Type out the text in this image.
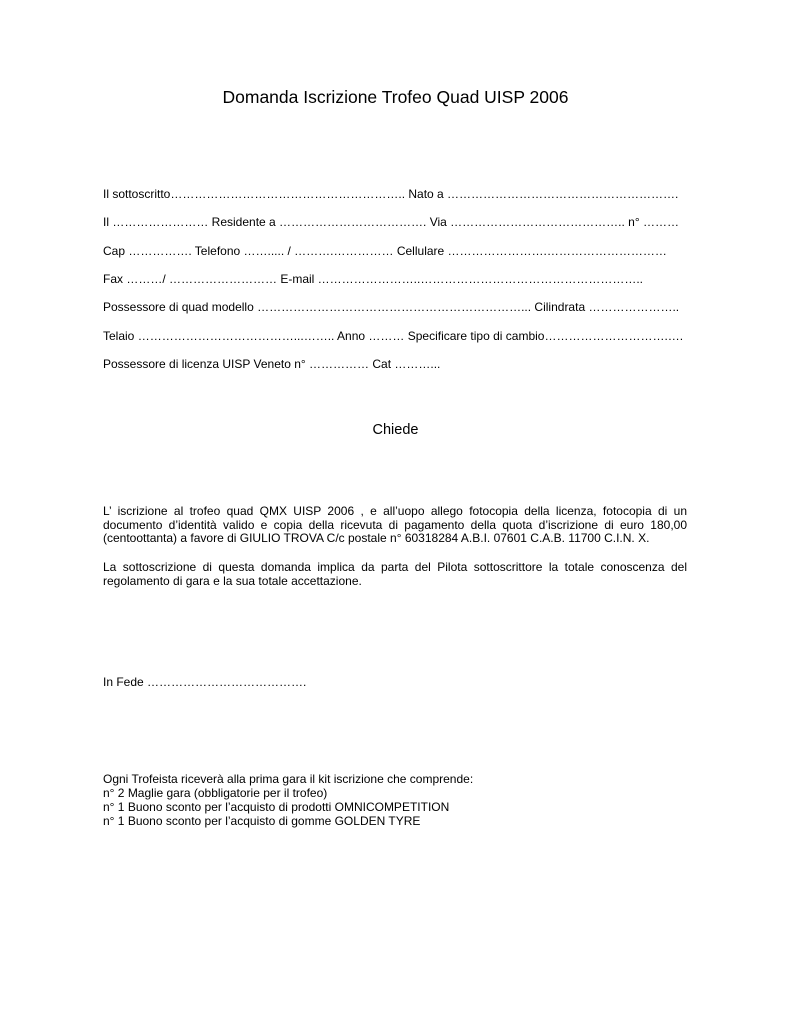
Domanda Iscrizione Trofeo Quad UISP 2006
Il sottoscritto………………………………………………….. Nato a ………………………………………………….
Il …………………… Residente a ………………………………. Via …………………………………….. n° ………
Cap ……………. Telefono ……..... / ……….…………… Cellulare …………………….…………………………
Fax ………/ ……………………… E-mail ……………………..………………………………………………..
Possessore di quad modello …………………………………………………………... Cilindrata …………………..
Telaio …………………………………...…….. Anno ……… Specificare tipo di cambio………………………….….
Possessore di licenza UISP Veneto n° …………… Cat ………...
Chiede
L’ iscrizione al trofeo quad QMX UISP 2006 , e all’uopo allego fotocopia della licenza, fotocopia di un documento d’identità valido e copia della ricevuta di pagamento della quota d’iscrizione di euro 180,00 (centoottanta) a favore di GIULIO TROVA C/c postale n° 60318284 A.B.I. 07601 C.A.B. 11700 C.I.N. X.
La sottoscrizione di questa domanda implica da parta del Pilota sottoscrittore la totale conoscenza del regolamento di gara e la sua totale accettazione.
In Fede ………………………………….
Ogni Trofeista riceverà alla prima gara il kit iscrizione che comprende:
n° 2 Maglie gara (obbligatorie per il trofeo)
n° 1 Buono sconto per l’acquisto di prodotti OMNICOMPETITION
n° 1 Buono sconto per l’acquisto di gomme GOLDEN TYRE
